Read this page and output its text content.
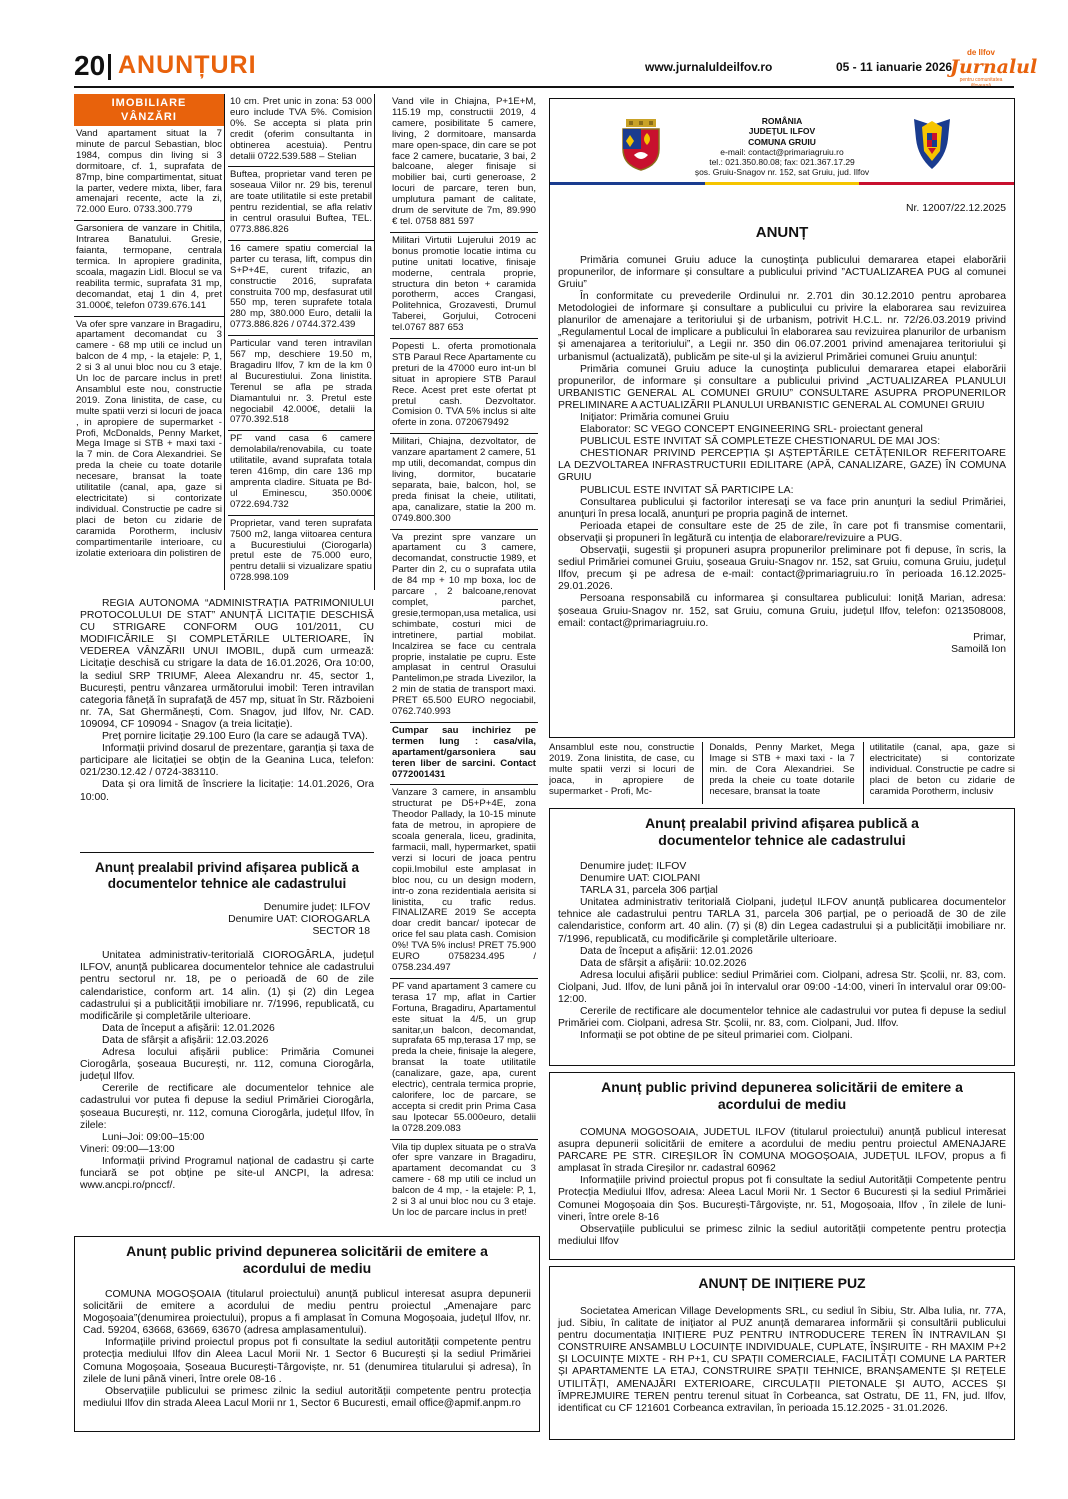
20 ANUNȚURI	www.jurnaluldeilfov.ro	05 - 11 ianuarie 2026
de Ilfov
Jurnalul
pentru comunitatea
IMOBILIARE
VÂNZĂRI

Vand apartament situat la 7 minute de parcul Sebastian, bloc 1984, compus din living si 3 dormitoare, cf. 1, suprafata de 87mp, bine compartimentat, situat la parter, vedere mixta, liber, fara amenajari recente, acte la zi, 72.000 Euro. 0733.300.779

Garsoniera de vanzare in Chitila, Intrarea Banatului. Gresie, faianta, termopane, centrala termica. In apropiere gradinita, scoala, magazin Lidl. Blocul se va reabilita termic, suprafata 31 mp, decomandat, etaj 1 din 4, pret 31.000€, telefon 0739.676.141

Va ofer spre vanzare in Bragadiru, apartament decomandat cu 3 camere - 68 mp utili ce includ un balcon de 4 mp, - la etajele: P, 1, 2 si 3 al unui bloc nou cu 3 etaje. Un loc de parcare inclus in pret! Ansamblul este nou, constructie 2019. Zona linistita, de case, cu multe spatii verzi si locuri de joaca , in apropiere de supermarket - Profi, McDonalds, Penny Market, Mega Image si STB + maxi taxi - la 7 min. de Cora Alexandriei. Se preda la cheie cu toate dotarile necesare, bransat la toate utilitatile (canal, apa, gaze si electricitate) si contorizate individual. Constructie pe cadre si placi de beton cu zidarie de caramida Porotherm, inclusiv compartimentarile interioare, cu izolatie exterioara din polistiren de

10 cm. Pret unic in zona: 53 000 euro include TVA 5%. Comision 0%. Se accepta si plata prin credit (oferim consultanta in obtinerea acestuia). Pentru detalii 0722.539.588 – Stelian

Buftea, proprietar vand teren pe soseaua Viilor nr. 29 bis, terenul are toate utilitatile si este pretabil pentru rezidential, se afla relativ in centrul orasului Buftea, TEL. 0773.886.826

16 camere spatiu comercial la parter cu terasa, lift, compus din S+P+4E, curent trifazic, an constructie 2016, suprafata construita 700 mp, desfasurat util 550 mp, teren suprafete totala 280 mp, 380.000 Euro, detalii la 0773.886.826 / 0744.372.439

Particular vand teren intravilan 567 mp, deschiere 19.50 m, Bragadiru Ilfov, 7 km de la km 0 al Bucurestiului. Zona linistita. Terenul se afla pe strada Diamantului nr. 3. Pretul este negociabil 42.000€, detalii la 0770.392.518

PF vand casa 6 camere demolabila/renovabila, cu toate utilitatile, avand suprafata totala teren 416mp, din care 136 mp amprenta cladire. Situata pe Bd-ul Eminescu, 350.000€ 0722.694.732

Proprietar, vand teren suprafata 7500 m2, langa viitoarea centura a Bucurestiului (Ciorogarla) pretul este de 75.000 euro, pentru detalii si vizualizare spatiu 0728.998.109

Vand vile in Chiajna, P+1E+M, 115.19 mp, constructii 2019, 4 camere, posibilitate 5 camere, living, 2 dormitoare, mansarda mare open-space, din care se pot face 2 camere, bucatarie, 3 bai, 2 balcoane, aleger finisaje si mobilier bai, curti generoase, 2 locuri de parcare, teren bun, umplutura pamant de calitate, drum de servitute de 7m, 89.990 € tel. 0758 881 597

Militari Virtutii Lujerului 2019 ac bonus promotie locatie intima cu putine unitati locative, finisaje moderne, centrala proprie, structura din beton + caramida porotherm, acces Crangasi, Politehnica, Grozavesti, Drumul Taberei, Gorjului, Cotroceni tel.0767 887 653

Popesti L. oferta promotionala STB Paraul Rece Apartamente cu preturi de la 47000 euro int-un bl situat in apropiere STB Paraul Rece. Acest pret este ofertat pt pretul cash. Dezvoltator. Comision 0. TVA 5% inclus si alte oferte in zona. 0720679492

Militari, Chiajna, dezvoltator, de vanzare apartament 2 camere, 51 mp utili, decomandat, compus din living, dormitor, bucatarie separata, baie, balcon, hol, se preda finisat la cheie, utilitati, apa, canalizare, statie la 200 m. 0749.800.300

Va prezint spre vanzare un apartament cu 3 camere, decomandat, constructie 1989, et Parter din 2, cu o suprafata utila de 84 mp + 10 mp boxa, loc de parcare , 2 balcoane,renovat complet, parchet, gresie,termopan,usa metalica, usi schimbate, costuri mici de intretinere, partial mobilat. Incalzirea se face cu centrala proprie, instalatie pe cupru. Este amplasat in centrul Orasului Pantelimon,pe strada Livezilor, la 2 min de statia de transport maxi. PRET 65.500 EURO negociabil, 0762.740.993

Cumpar sau inchiriez pe termen lung : casa/vila, apartament/garsoniera sau teren liber de sarcini. Contact 0772001431

Vanzare 3 camere, in ansamblu structurat pe D5+P+4E, zona Theodor Pallady, la 10-15 minute fata de metrou, in apropiere de scoala generala, liceu, gradinita, farmacii, mall, hypermarket, spatii verzi si locuri de joaca pentru copii.Imobilul este amplasat in bloc nou, cu un design modern, intr-o zona rezidentiala aerisita si linistita, cu trafic redus. FINALIZARE 2019 Se accepta doar credit bancar/ ipotecar de orice fel sau plata cash. Comision 0%! TVA 5% inclus! PRET 75.900 EURO 0758234.495 / 0758.234.497

PF vand apartament 3 camere cu terasa 17 mp, aflat in Cartier Fortuna, Bragadiru, Apartamentul este situat la 4/5, un grup sanitar,un balcon, decomandat, suprafata 65 mp,terasa 17 mp, se preda la cheie, finisaje la alegere, bransat la toate utilitatile (canalizare, gaze, apa, curent electric), centrala termica proprie, calorifere, loc de parcare, se accepta si credit prin Prima Casa sau Ipotecar 55.000euro, detalii la 0728.209.083

Vila tip duplex situata pe o straVa ofer spre vanzare in Bragadiru, apartament decomandat cu 3 camere - 68 mp utili ce includ un balcon de 4 mp, - la etajele: P, 1, 2 si 3 al unui bloc nou cu 3 etaje. Un loc de parcare inclus in pret!

REGIA AUTONOMĂ “ADMINISTRAȚIA PATRIMONIULUI PROTOCOLULUI DE STAT” ANUNȚĂ LICITAȚIE DESCHISĂ CU STRIGARE CONFORM OUG 101/2011, CU MODIFICĂRILE ȘI COMPLETĂRILE ULTERIOARE, ÎN VEDEREA VÂNZĂRII UNUI IMOBIL, după cum urmează: Licitație deschisă cu strigare la data de 16.01.2026, Ora 10:00, la sediul SRP TRIUMF, Aleea Alexandru nr. 45, sector 1, București, pentru vânzarea următorului imobil: Teren intravilan categoria fânețǎ în suprafaţă de 457 mp, situat în Str. Războieni nr. 7A, Sat Ghermănești, Com. Snagov, jud Ilfov, Nr. CAD. 109094, CF 109094 - Snagov (a treia licitație).

Preț pornire licitație 29.100 Euro (la care se adaugă TVA).

Informații privind dosarul de prezentare, garanția și taxa de participare ale licitației se obțin de la Geanina Luca, telefon: 021/230.12.42 / 0724-383110.

Data și ora limită de înscriere la licitație: 14.01.2026, Ora 10:00.

Anunț prealabil privind afișarea publică a documentelor tehnice ale cadastrului
Denumire județ: ILFOV
Denumire UAT: CIOROGARLA
SECTOR 18

Unitatea administrativ-teritorială CIOROGÂRLA, județul ILFOV, anunță publicarea documentelor tehnice ale cadastrului pentru sectorul nr. 18, pe o perioadă de 60 de zile calendaristice, conform art. 14 alin. (1) și (2) din Legea cadastrului și a publicității imobiliare nr. 7/1996, republicată, cu modificările și completările ulterioare.

Data de început a afișării: 12.01.2026

Data de sfârșit a afișării: 12.03.2026

Adresa locului afișării publice: Primăria Comunei Ciorogârla, șoseaua București, nr. 112, comuna Ciorogârla, județul Ilfov.

Cererile de rectificare ale documentelor tehnice ale cadastrului vor putea fi depuse la sediul Primăriei Ciorogârla, șoseaua București, nr. 112, comuna Ciorogârla, județul Ilfov, în zilele:

Luni–Joi: 09:00–15:00

Vineri: 09:00—13:00

Informații privind Programul național de cadastru și carte funciară se pot obține pe site-ul ANCPI, la adresa: www.ancpi.ro/pnccf/.

Anunț public privind depunerea solicitării de emitere a acordului de mediu

COMUNA MOGOȘOAIA (titularul proiectului) anunță publicul interesat asupra depunerii solicitării de emitere a acordului de mediu pentru proiectul „Amenajare parc Mogoșoaia”(denumirea proiectului), propus a fi amplasat în Comuna Mogoșoaia, județul Ilfov, nr. Cad. 59204, 63668, 63669, 63670 (adresa amplasamentului).

Informațiile privind proiectul propus pot fi consultate la sediul autorității competente pentru protecția mediului Ilfov din Aleea Lacul Morii Nr. 1 Sector 6 București și la sediul Primăriei Comuna Mogoșoaia, Șoseaua București-Târgoviște, nr. 51 (denumirea titularului și adresa), în zilele de luni până vineri, între orele 08-16 .

Observațiile publicului se primesc zilnic la sediul autorității competente pentru protecția mediului Ilfov din strada Aleea Lacul Morii nr 1, Sector 6 Bucuresti, email office@apmif.anpm.ro

ROMÂNIA
JUDEȚUL ILFOV
COMUNA GRUIU
e-mail: contact@primariagruiu.ro
tel.: 021.350.80.08; fax: 021.367.17.29
șos. Gruiu-Snagov nr. 152, sat Gruiu, jud. Ilfov
Nr. 12007/22.12.2025
ANUNȚ

Primăria comunei Gruiu aduce la cunoştinţa publicului demararea etapei elaborării propunerilor, de informare și consultare a publicului privind ”ACTUALIZAREA PUG al comunei Gruiu”

În conformitate cu prevederile Ordinului nr. 2.701 din 30.12.2010 pentru aprobarea Metodologiei de informare şi consultare a publicului cu privire la elaborarea sau revizuirea planurilor de amenajare a teritoriului şi de urbanism, potrivit H.C.L. nr. 72/26.03.2019 privind „Regulamentul Local de implicare a publicului în elaborarea sau revizuirea planurilor de urbanism și amenajarea a teritoriului”, a Legii nr. 350 din 06.07.2001 privind amenajarea teritoriului şi urbanismul (actualizată), publicăm pe site-ul şi la avizierul Primăriei comunei Gruiu anunţul:

Primăria comunei Gruiu aduce la cunoştinţa publicului demararea etapei elaborării propunerilor, de informare și consultare a publicului privind „ACTUALIZAREA PLANULUI URBANISTIC GENERAL AL COMUNEI GRUIU” CONSULTARE ASUPRA PROPUNERILOR PRELIMINARE A ACTUALIZĂRII PLANULUI URBANISTIC GENERAL AL COMUNEI GRUIU

Iniţiator: Primăria comunei Gruiu

Elaborator: SC VEGO CONCEPT ENGINEERING SRL- proiectant general

PUBLICUL ESTE INVITAT SĂ COMPLETEZE CHESTIONARUL DE MAI JOS:

CHESTIONAR PRIVIND PERCEPȚIA ȘI AȘTEPTĂRILE CETĂȚENILOR REFERITOARE LA DEZVOLTAREA INFRASTRUCTURII EDILITARE (APĂ, CANALIZARE, GAZE) ÎN COMUNA GRUIU

PUBLICUL ESTE INVITAT SĂ PARTICIPE LA:

Consultarea publicului şi factorilor interesaţi se va face prin anunţuri la sediul Primăriei, anunţuri în presa locală, anunţuri pe propria pagină de internet.

Perioada etapei de consultare este de 25 de zile, în care pot fi transmise comentarii, observaţii şi propuneri în legătură cu intenţia de elaborare/revizuire a PUG.

Observaţii, sugestii şi propuneri asupra propunerilor preliminare pot fi depuse, în scris, la sediul Primăriei comunei Gruiu, șoseaua Gruiu-Snagov nr. 152, sat Gruiu, comuna Gruiu, județul Ilfov, precum şi pe adresa de e-mail: contact@primariagruiu.ro în perioada 16.12.2025-29.01.2026.

Persoana responsabilă cu informarea şi consultarea publicului: Ioniță Marian, adresa: șoseaua Gruiu-Snagov nr. 152, sat Gruiu, comuna Gruiu, județul Ilfov, telefon: 0213508008, email: contact@primariagruiu.ro.

Primar,
Samoilă Ion

Ansamblul este nou, constructie 2019. Zona linistita, de case, cu multe spatii verzi si locuri de joaca, in apropiere de supermarket - Profi, Mc-

Donalds, Penny Market, Mega Image si STB + maxi taxi - la 7 min. de Cora Alexandriei. Se preda la cheie cu toate dotarile necesare, bransat la toate

utilitatile (canal, apa, gaze si electricitate) si contorizate individual. Constructie pe cadre si placi de beton cu zidarie de caramida Porotherm, inclusiv

Anunț prealabil privind afișarea publică a documentelor tehnice ale cadastrului

Denumire județ: ILFOV

Denumire UAT: CIOLPANI

TARLA 31, parcela 306 parțial

Unitatea administrativ teritorială Ciolpani, județul ILFOV anunță publicarea documentelor tehnice ale cadastrului pentru TARLA 31, parcela 306 parțial, pe o perioadă de 30 de zile calendaristice, conform art. 40 alin. (7) și (8) din Legea cadastrului și a publicității imobiliare nr. 7/1996, republicată, cu modificările și completările ulterioare.

Data de început a afișării: 12.01.2026

Data de sfârșit a afișării: 10.02.2026

Adresa locului afișării publice: sediul Primăriei com. Ciolpani, adresa Str. Școlii, nr. 83, com. Ciolpani, Jud. Ilfov, de luni până joi în intervalul orar 09:00 -14:00, vineri în intervalul orar 09:00-12:00.

Cererile de rectificare ale documentelor tehnice ale cadastrului vor putea fi depuse la sediul Primăriei com. Ciolpani, adresa Str. Școlii, nr. 83, com. Ciolpani, Jud. Ilfov.

Informații se pot obtine de pe siteul primariei com. Ciolpani.

Anunț public privind depunerea solicitării de emitere a acordului de mediu

COMUNA MOGOSOAIA, JUDETUL ILFOV (titularul proiectului) anunță publicul interesat asupra depunerii solicitării de emitere a acordului de mediu pentru proiectul AMENAJARE PARCARE PE STR. CIREȘILOR ÎN COMUNA MOGOȘOAIA, JUDEȚUL ILFOV, propus a fi amplasat în strada Cireșilor nr. cadastral 60962

Informațiile privind proiectul propus pot fi consultate la sediul Autorității Competente pentru Protecția Mediului Ilfov, adresa: Aleea Lacul Morii Nr. 1 Sector 6 Bucuresti și la sediul Primăriei Comunei Mogoșoaia din Șos. București-Târgoviște, nr. 51, Mogoșoaia, Ilfov , în zilele de luni-vineri, între orele 8-16

Observațiile publicului se primesc zilnic la sediul autorității competente pentru protecția mediului Ilfov

ANUNȚ DE INIȚIERE PUZ

Societatea American Village Developments SRL, cu sediul în Sibiu, Str. Alba Iulia, nr. 77A, jud. Sibiu, în calitate de inițiator al PUZ anunță demararea informării și consultării publicului pentru documentația INIȚIERE PUZ PENTRU INTRODUCERE TEREN ÎN INTRAVILAN ȘI CONSTRUIRE ANSAMBLU LOCUINȚE INDIVIDUALE, CUPLATE, ÎNȘIRUITE - RH MAXIM P+2 ȘI LOCUINȚE MIXTE - RH P+1, CU SPAȚII COMERCIALE, FACILITĂȚI COMUNE LA PARTER ȘI APARTAMENTE LA ETAJ, CONSTRUIRE SPAȚII TEHNICE, BRANȘAMENTE ȘI REȚELE UTILITĂȚI, AMENAJĂRI EXTERIOARE, CIRCULAȚII PIETONALE ȘI AUTO, ACCES ȘI ÎMPREJMUIRE TEREN pentru terenul situat în Corbeanca, sat Ostratu, DE 11, FN, jud. Ilfov, identificat cu CF 121601 Corbeanca extravilan, în perioada 15.12.2025 - 31.01.2026.
